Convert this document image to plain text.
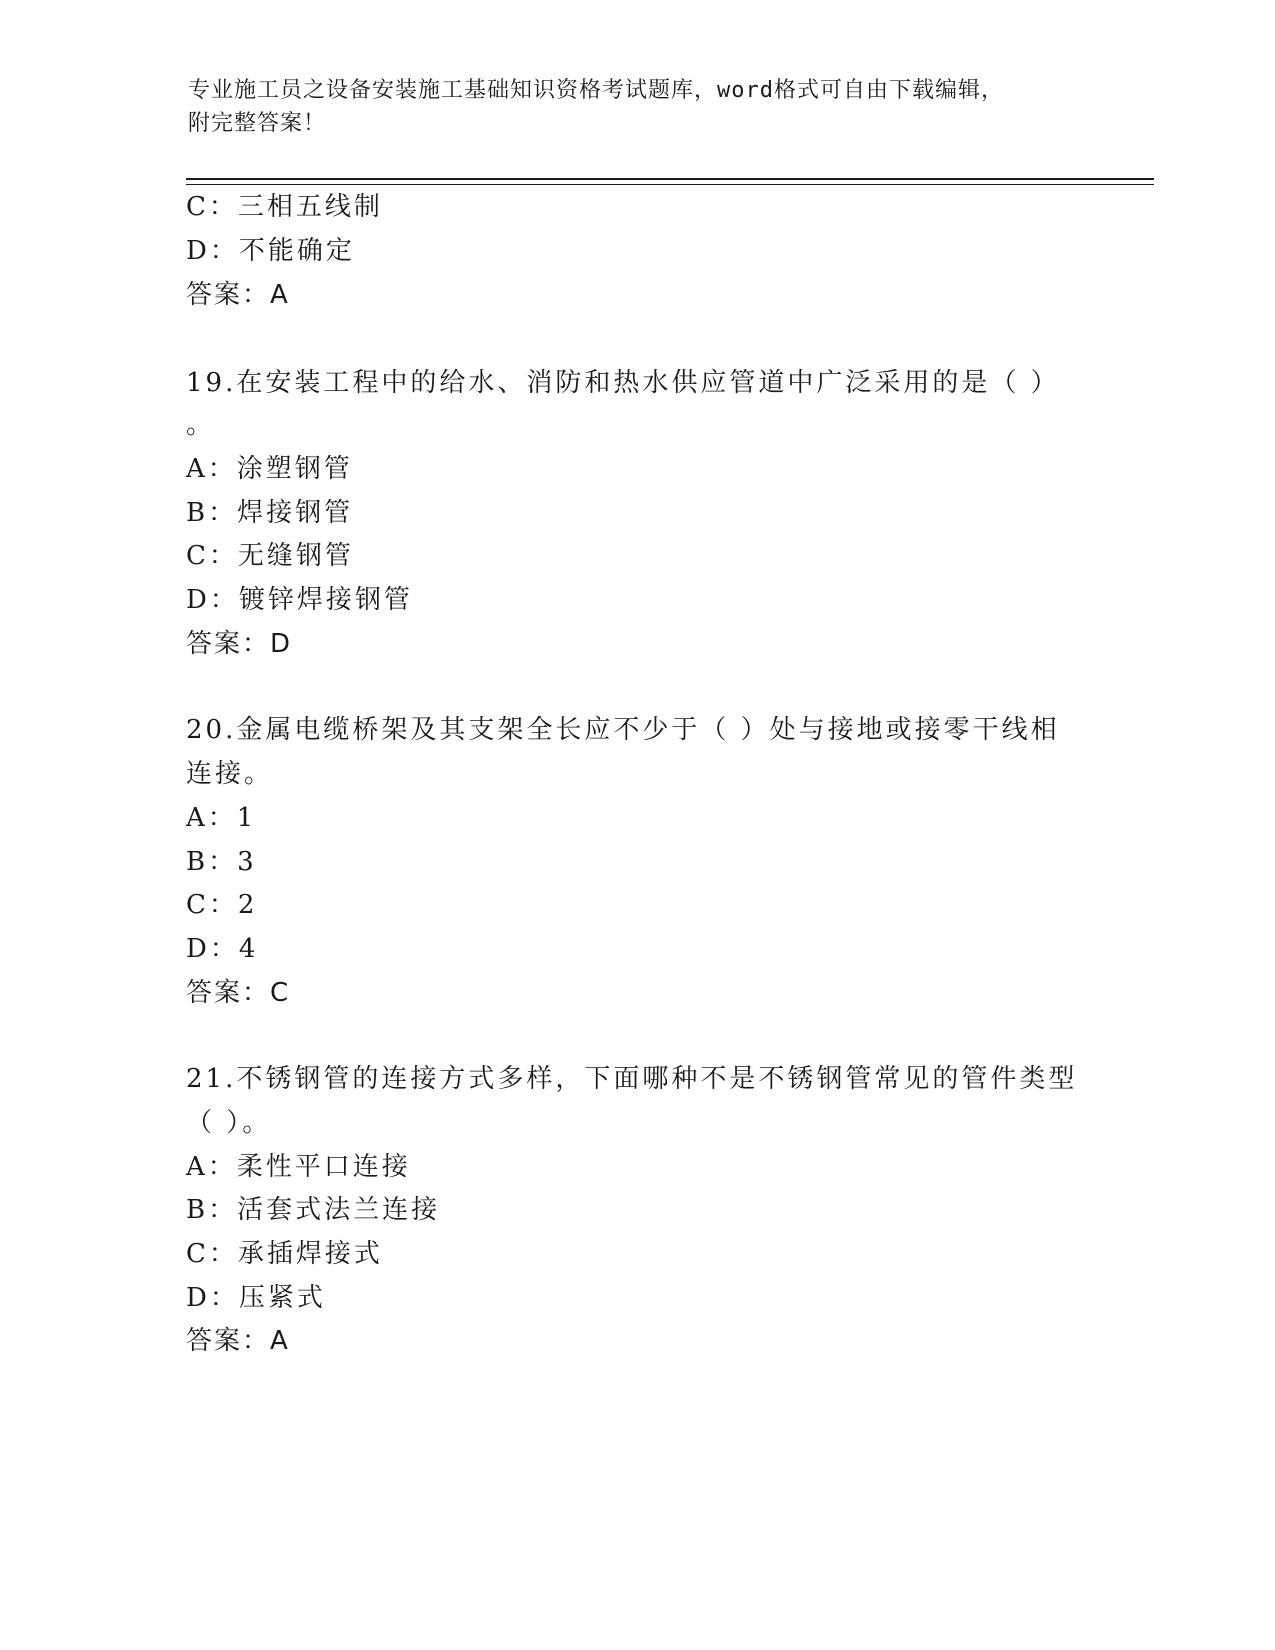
专业施工员之设备安装施工基础知识资格考试题库，word格式可自由下载编辑，
附完整答案！
C：三相五线制
D：不能确定
答案：A
19.在安装工程中的给水、消防和热水供应管道中广泛采用的是（ ）
。
A：涂塑钢管
B：焊接钢管
C：无缝钢管
D：镀锌焊接钢管
答案：D
20.金属电缆桥架及其支架全长应不少于（ ）处与接地或接零干线相
连接。
A：1
B：3
C：2
D：4
答案：C
21.不锈钢管的连接方式多样，下面哪种不是不锈钢管常见的管件类型
（ ）。
A：柔性平口连接
B：活套式法兰连接
C：承插焊接式
D：压紧式
答案：A
